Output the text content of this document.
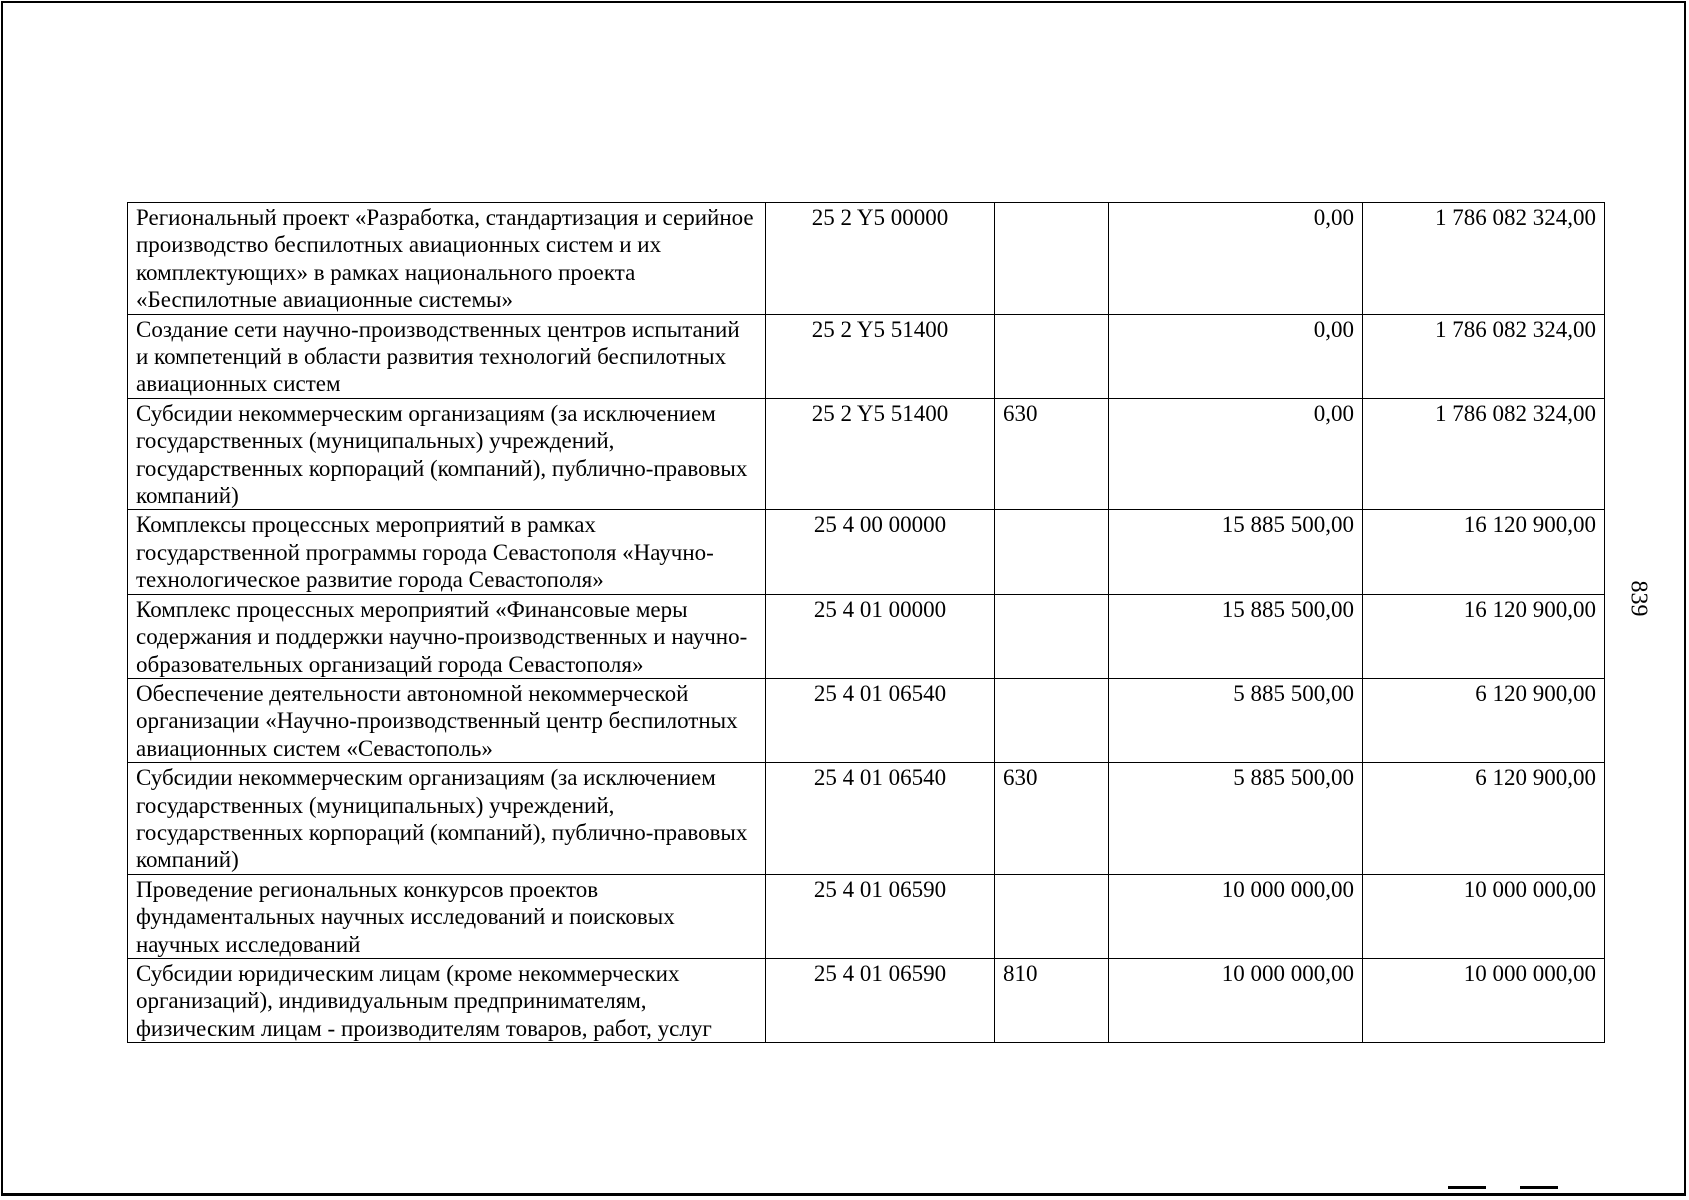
Региональный проект «Разработка, стандартизация и серийное производство беспилотных авиационных систем и их комплектующих» в рамках национального проекта «Беспилотные авиационные системы»	25 2 Y5 00000		0,00	1 786 082 324,00
Создание сети научно-производственных центров испытаний и компетенций в области развития технологий беспилотных авиационных систем	25 2 Y5 51400		0,00	1 786 082 324,00
Субсидии некоммерческим организациям (за исключением государственных (муниципальных) учреждений, государственных корпораций (компаний), публично-правовых компаний)	25 2 Y5 51400	630	0,00	1 786 082 324,00
Комплексы процессных мероприятий в рамках государственной программы города Севастополя «Научно-технологическое развитие города Севастополя»	25 4 00 00000		15 885 500,00	16 120 900,00
Комплекс процессных мероприятий «Финансовые меры содержания и поддержки научно-производственных и научно-образовательных организаций города Севастополя»	25 4 01 00000		15 885 500,00	16 120 900,00
Обеспечение деятельности автономной некоммерческой организации «Научно-производственный центр беспилотных авиационных систем «Севастополь»	25 4 01 06540		5 885 500,00	6 120 900,00
Субсидии некоммерческим организациям (за исключением государственных (муниципальных) учреждений, государственных корпораций (компаний), публично-правовых компаний)	25 4 01 06540	630	5 885 500,00	6 120 900,00
Проведение региональных конкурсов проектов фундаментальных научных исследований и поисковых научных исследований	25 4 01 06590		10 000 000,00	10 000 000,00
Субсидии юридическим лицам (кроме некоммерческих организаций), индивидуальным предпринимателям, физическим лицам - производителям товаров, работ, услуг	25 4 01 06590	810	10 000 000,00	10 000 000,00
839
